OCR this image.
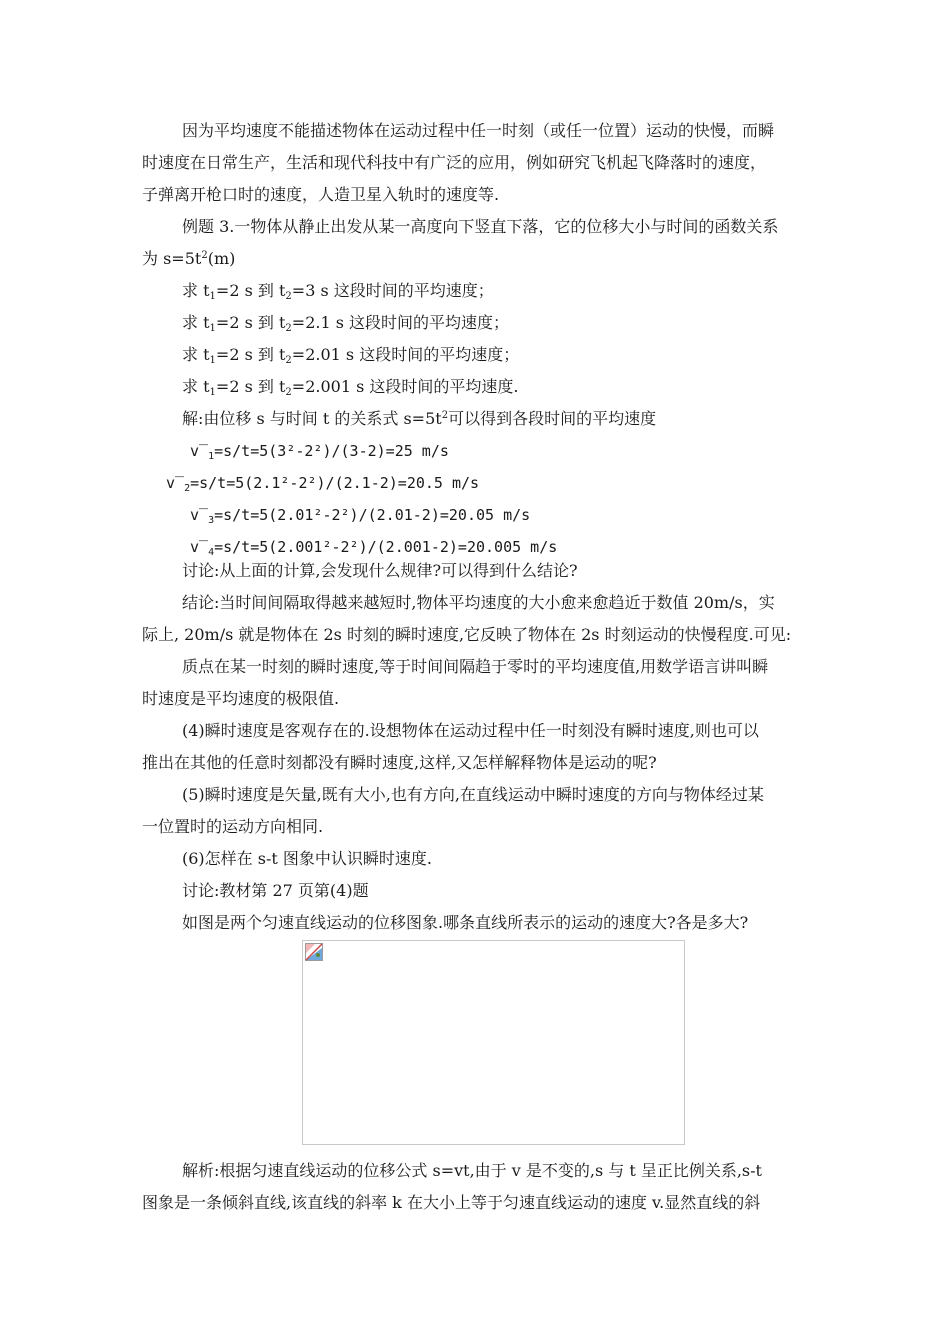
因为平均速度不能描述物体在运动过程中任一时刻（或任一位置）运动的快慢，而瞬
时速度在日常生产，生活和现代科技中有广泛的应用，例如研究飞机起飞降落时的速度，
子弹离开枪口时的速度，人造卫星入轨时的速度等.
例题 3.一物体从静止出发从某一高度向下竖直下落，它的位移大小与时间的函数关系
为 $s=5t^2(m)$
求 $t_1=2$ s 到 $t_2=3$ s 这段时间的平均速度；
求 $t_1=2$ s 到 $t_2=2.1$ s 这段时间的平均速度；
求 $t_1=2$ s 到 $t_2=2.01$ s 这段时间的平均速度；
求 $t_1=2$ s 到 $t_2=2.001$ s 这段时间的平均速度.
解:由位移 s 与时间 t 的关系式 $s=5t^2$可以得到各段时间的平均速度
$v‾_1=s/t=5(3^2-2^2)/(3-2)=25$ m/s
$v‾_2=s/t=5(2.1^2-2^2)/(2.1-2)=20.5$ m/s
$v‾_3=s/t=5(2.01^2-2^2)/(2.01-2)=20.05$ m/s
$v‾_4=s/t=5(2.001^2-2^2)/(2.001-2)=20.005$ m/s
讨论:从上面的计算,会发现什么规律?可以得到什么结论?
结论:当时间间隔取得越来越短时,物体平均速度的大小愈来愈趋近于数值 20m/s，实
际上, 20m/s 就是物体在 2s 时刻的瞬时速度,它反映了物体在 2s 时刻运动的快慢程度.可见:
质点在某一时刻的瞬时速度,等于时间间隔趋于零时的平均速度值,用数学语言讲叫瞬
时速度是平均速度的极限值.
(4)瞬时速度是客观存在的.设想物体在运动过程中任一时刻没有瞬时速度,则也可以
推出在其他的任意时刻都没有瞬时速度,这样,又怎样解释物体是运动的呢?
(5)瞬时速度是矢量,既有大小,也有方向,在直线运动中瞬时速度的方向与物体经过某
一位置时的运动方向相同.
(6)怎样在 s-t 图象中认识瞬时速度.
讨论:教材第 27 页第(4)题
如图是两个匀速直线运动的位移图象.哪条直线所表示的运动的速度大?各是多大?
解析:根据匀速直线运动的位移公式 s=vt,由于 v 是不变的,s 与 t 呈正比例关系,s-t
图象是一条倾斜直线,该直线的斜率 k 在大小上等于匀速直线运动的速度 v.显然直线的斜
